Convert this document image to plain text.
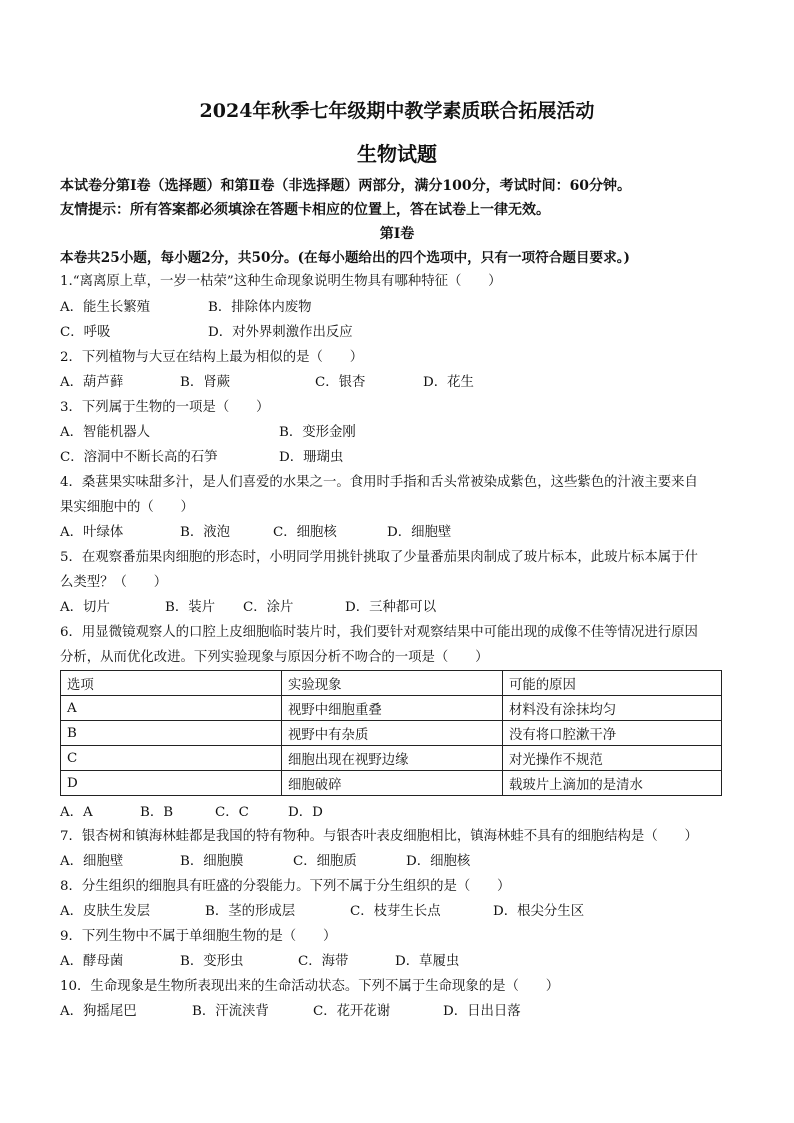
2024年秋季七年级期中教学素质联合拓展活动
生物试题
本试卷分第Ⅰ卷（选择题）和第Ⅱ卷（非选择题）两部分，满分100分，考试时间：60分钟。
友情提示：所有答案都必须填涂在答题卡相应的位置上，答在试卷上一律无效。
第Ⅰ卷
本卷共25小题，每小题2分，共50分。(在每小题给出的四个选项中，只有一项符合题目要求。)
1.“离离原上草，一岁一枯荣”这种生命现象说明生物具有哪种特征（　　）
A．能生长繁殖	B．排除体内废物
C．呼吸	D．对外界刺激作出反应
2．下列植物与大豆在结构上最为相似的是（　　）
A．葫芦藓	B．肾蕨	C．银杏	D．花生
3．下列属于生物的一项是（　　）
A．智能机器人	B．变形金刚
C．溶洞中不断长高的石笋	D．珊瑚虫
4．桑葚果实味甜多汁，是人们喜爱的水果之一。食用时手指和舌头常被染成紫色，这些紫色的汁液主要来自
果实细胞中的（　　）
A．叶绿体	B．液泡	C．细胞核	D．细胞壁
5．在观察番茄果肉细胞的形态时，小明同学用挑针挑取了少量番茄果肉制成了玻片标本，此玻片标本属于什
么类型？（　　）
A．切片	B．装片 C．涂片	D．三种都可以
6．用显微镜观察人的口腔上皮细胞临时装片时，我们要针对观察结果中可能出现的成像不佳等情况进行原因
分析，从而优化改进。下列实验现象与原因分析不吻合的一项是（　　）
选项	实验现象	可能的原因
A	视野中细胞重叠	材料没有涂抹均匀
B	视野中有杂质	没有将口腔漱干净
C	细胞出现在视野边缘	对光操作不规范
D	细胞破碎	载玻片上滴加的是清水
A．A	B．B	C．C	D．D
7．银杏树和镇海林蛙都是我国的特有物种。与银杏叶表皮细胞相比，镇海林蛙不具有的细胞结构是（　　）
A．细胞壁	B．细胞膜	C．细胞质	D．细胞核
8．分生组织的细胞具有旺盛的分裂能力。下列不属于分生组织的是（　　）
A．皮肤生发层	B．茎的形成层	C．枝芽生长点	D．根尖分生区
9．下列生物中不属于单细胞生物的是（　　）
A．酵母菌	B．变形虫	C．海带	D．草履虫
10．生命现象是生物所表现出来的生命活动状态。下列不属于生命现象的是（　　）
A．狗摇尾巴	B．汗流浃背	C．花开花谢	D．日出日落
